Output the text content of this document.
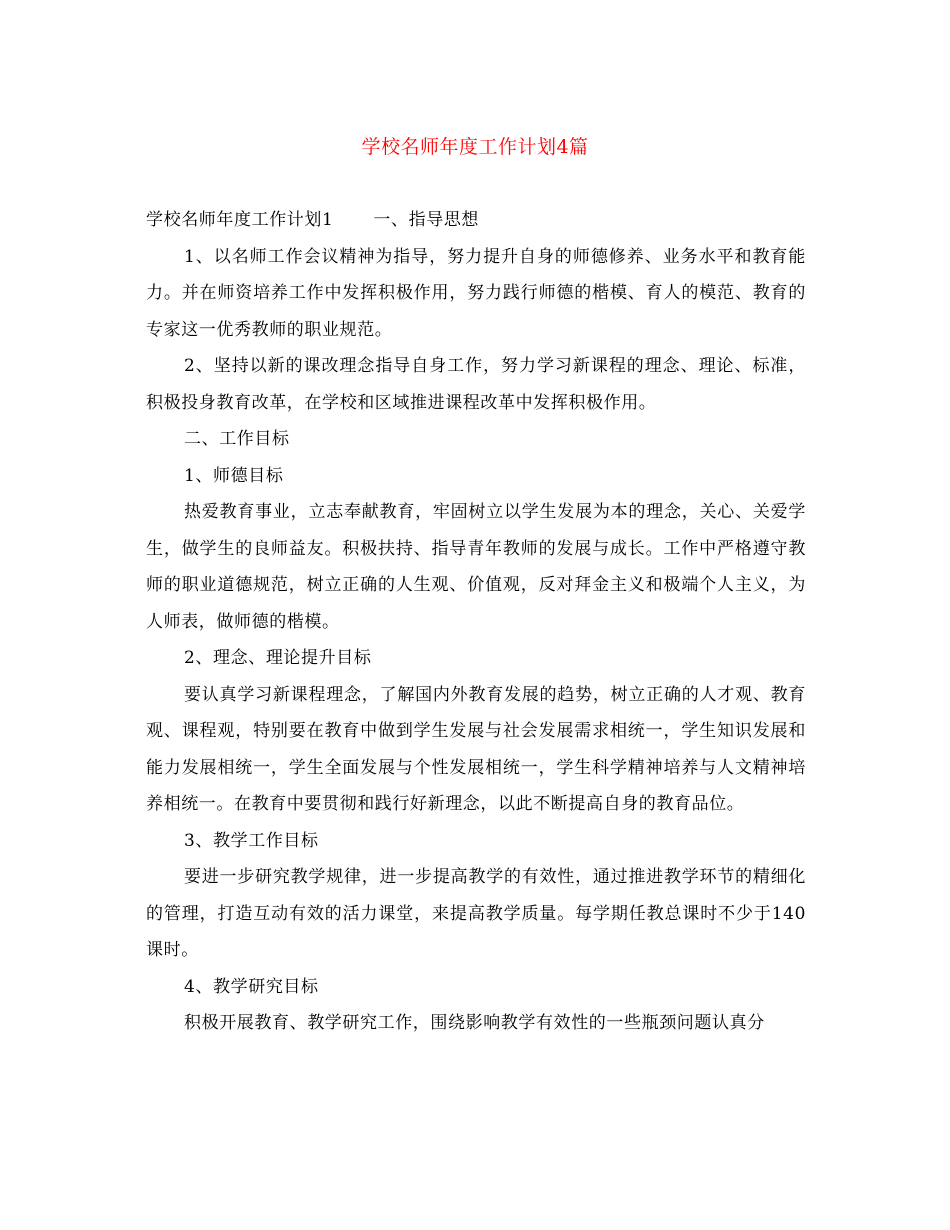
学校名师年度工作计划4篇

学校名师年度工作计划1 一、指导思想

1、以名师工作会议精神为指导，努力提升自身的师德修养、业务水平和教育能力。并在师资培养工作中发挥积极作用，努力践行师德的楷模、育人的模范、教育的专家这一优秀教师的职业规范。

2、坚持以新的课改理念指导自身工作，努力学习新课程的理念、理论、标准，积极投身教育改革，在学校和区域推进课程改革中发挥积极作用。

二、工作目标

1、师德目标

热爱教育事业，立志奉献教育，牢固树立以学生发展为本的理念，关心、关爱学生，做学生的良师益友。积极扶持、指导青年教师的发展与成长。工作中严格遵守教师的职业道德规范，树立正确的人生观、价值观，反对拜金主义和极端个人主义，为人师表，做师德的楷模。

2、理念、理论提升目标

要认真学习新课程理念，了解国内外教育发展的趋势，树立正确的人才观、教育观、课程观，特别要在教育中做到学生发展与社会发展需求相统一，学生知识发展和能力发展相统一，学生全面发展与个性发展相统一，学生科学精神培养与人文精神培养相统一。在教育中要贯彻和践行好新理念，以此不断提高自身的教育品位。

3、教学工作目标

要进一步研究教学规律，进一步提高教学的有效性，通过推进教学环节的精细化的管理，打造互动有效的活力课堂，来提高教学质量。每学期任教总课时不少于140课时。

4、教学研究目标

积极开展教育、教学研究工作，围绕影响教学有效性的一些瓶颈问题认真分
